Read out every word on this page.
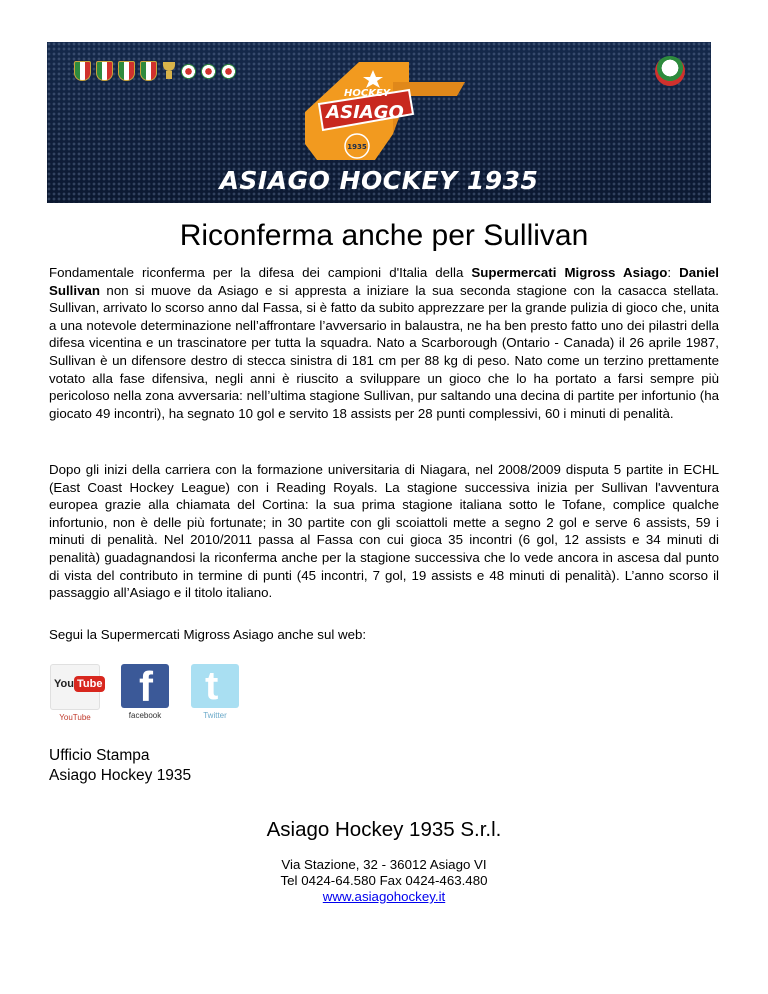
HOCKEY
ASIAGO
1935
ASIAGO HOCKEY 1935
Riconferma anche per Sullivan
Fondamentale riconferma per la difesa dei campioni d'Italia della Supermercati Migross Asiago: Daniel Sullivan non si muove da Asiago e si appresta a iniziare la sua seconda stagione con la casacca stellata. Sullivan, arrivato lo scorso anno dal Fassa, si è fatto da subito apprezzare per la grande pulizia di gioco che, unita a una notevole determinazione nell’affrontare l’avversario in balaustra, ne ha ben presto fatto uno dei pilastri della difesa vicentina e un trascinatore per tutta la squadra. Nato a Scarborough (Ontario - Canada) il 26 aprile 1987, Sullivan è un difensore destro di stecca sinistra di 181 cm per 88 kg di peso. Nato come un terzino prettamente votato alla fase difensiva, negli anni è riuscito a sviluppare un gioco che lo ha portato a farsi sempre più pericoloso nella zona avversaria: nell’ultima stagione Sullivan, pur saltando una decina di partite per infortunio (ha giocato 49 incontri), ha segnato 10 gol e servito 18 assists per 28 punti complessivi, 60 i minuti di penalità.
Dopo gli inizi della carriera con la formazione universitaria di Niagara, nel 2008/2009 disputa 5 partite in ECHL (East Coast Hockey League) con i Reading Royals. La stagione successiva inizia per Sullivan l'avventura europea grazie alla chiamata del Cortina: la sua prima stagione italiana sotto le Tofane, complice qualche infortunio, non è delle più fortunate; in 30 partite con gli scoiattoli mette a segno 2 gol e serve 6 assists, 59 i minuti di penalità. Nel 2010/2011 passa al Fassa con cui gioca 35 incontri (6 gol, 12 assists e 34 minuti di penalità) guadagnandosi la riconferma anche per la stagione successiva che lo vede ancora in ascesa dal punto di vista del contributo in termine di punti (45 incontri, 7 gol, 19 assists e 48 minuti di penalità). L’anno scorso il passaggio all’Asiago e il titolo italiano.
Segui la Supermercati Migross Asiago anche sul web:
You Tube
YouTube
f
facebook
t
Twitter
Ufficio Stampa
Asiago Hockey 1935
Asiago Hockey 1935 S.r.l.
Via Stazione, 32 - 36012 Asiago VI
Tel 0424-64.580 Fax 0424-463.480
www.asiagohockey.it
